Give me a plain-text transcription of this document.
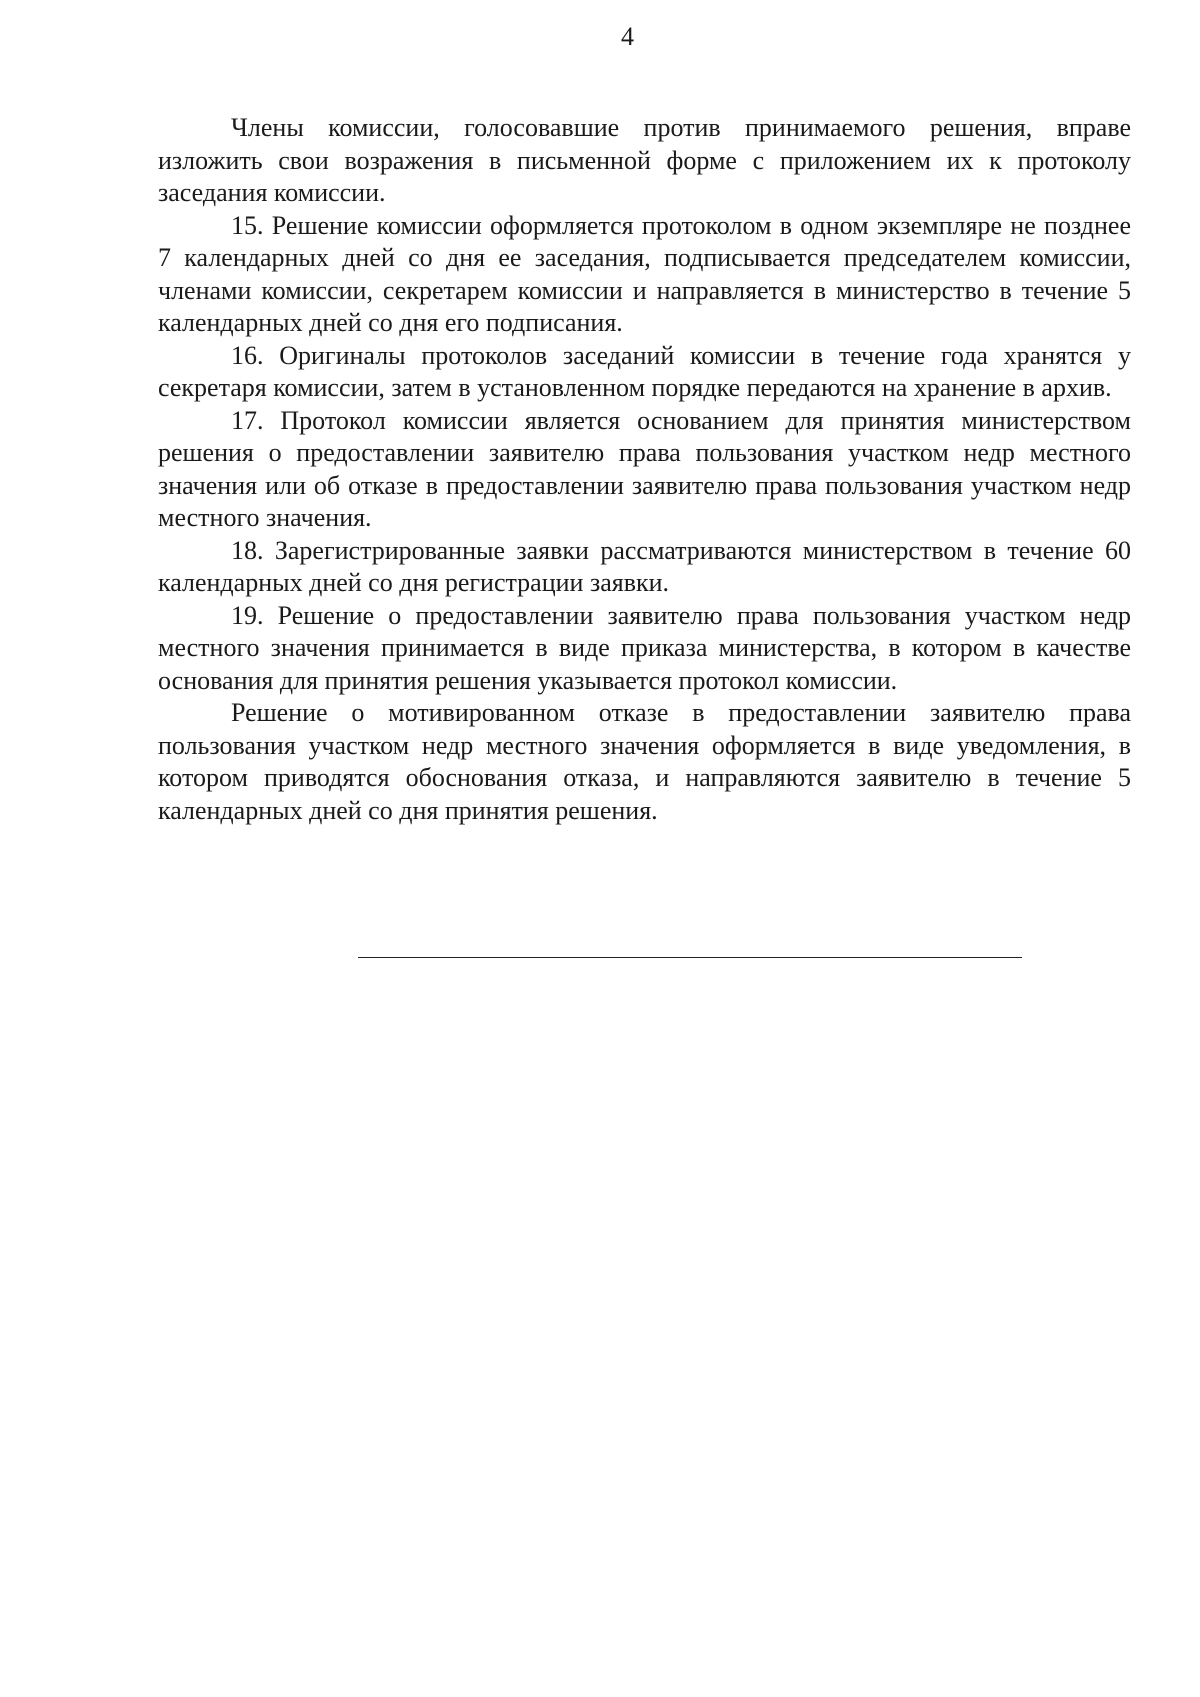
4

Члены комиссии, голосовавшие против принимаемого решения, вправе изложить свои возражения в письменной форме с приложением их к протоколу заседания комиссии.

15. Решение комиссии оформляется протоколом в одном экземпляре не позднее 7 календарных дней со дня ее заседания, подписывается председателем комиссии, членами комиссии, секретарем комиссии и направляется в министерство в течение 5 календарных дней со дня его подписания.

16. Оригиналы протоколов заседаний комиссии в течение года хранятся у секретаря комиссии, затем в установленном порядке передаются на хранение в архив.

17. Протокол комиссии является основанием для принятия министерством решения о предоставлении заявителю права пользования участком недр местного значения или об отказе в предоставлении заявителю права пользования участком недр местного значения.

18. Зарегистрированные заявки рассматриваются министерством в течение 60 календарных дней со дня регистрации заявки.

19. Решение о предоставлении заявителю права пользования участком недр местного значения принимается в виде приказа министерства, в котором в качестве основания для принятия решения указывается протокол комиссии.

Решение о мотивированном отказе в предоставлении заявителю права пользования участком недр местного значения оформляется в виде уведомления, в котором приводятся обоснования отказа, и направляются заявителю в течение 5 календарных дней со дня принятия решения.
